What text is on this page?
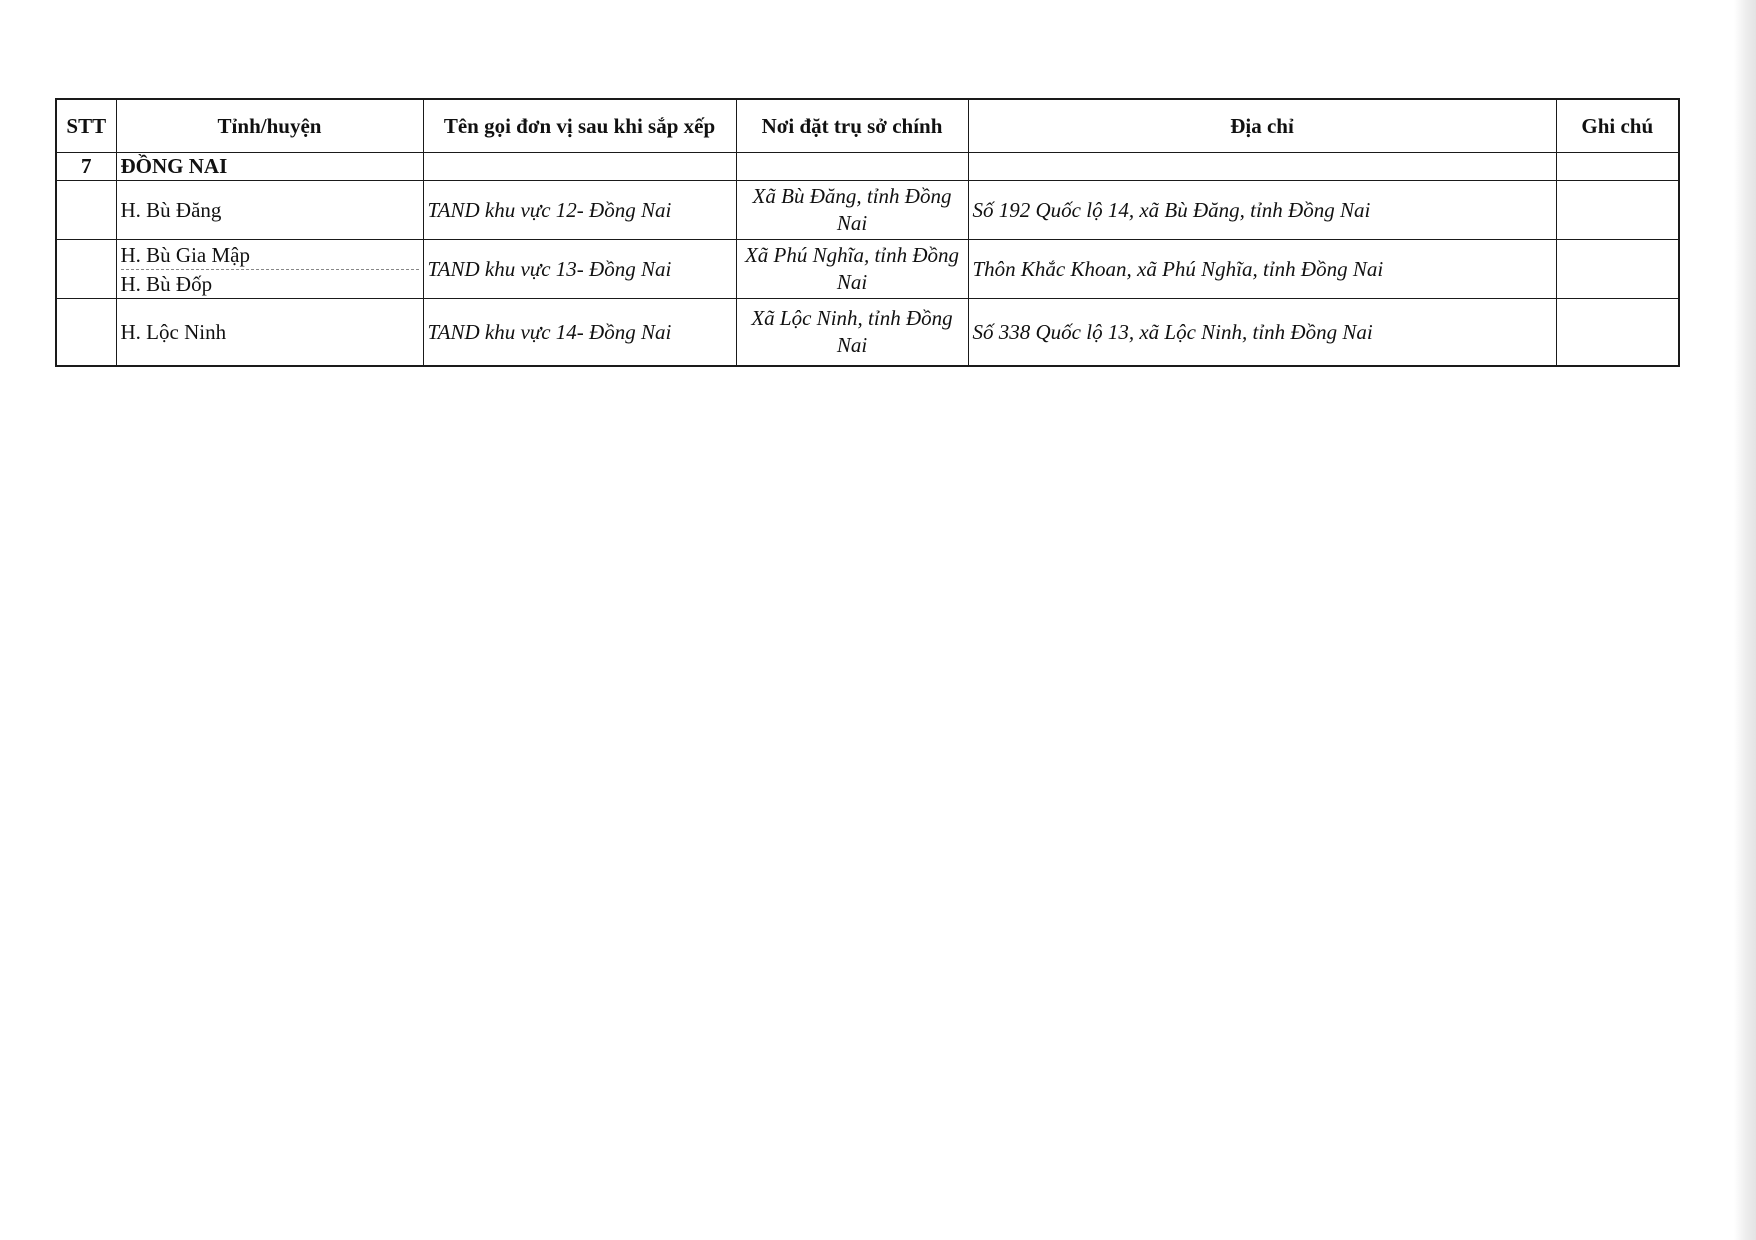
STT	Tỉnh/huyện	Tên gọi đơn vị sau khi sắp xếp	Nơi đặt trụ sở chính	Địa chỉ	Ghi chú
7	ĐỒNG NAI				

	H. Bù Đăng	TAND khu vực 12- Đồng Nai	Xã Bù Đăng, tỉnh Đồng Nai	Số 192 Quốc lộ 14, xã Bù Đăng, tỉnh Đồng Nai	

	H. Bù Gia Mập
H. Bù Đốp	TAND khu vực 13- Đồng Nai	Xã Phú Nghĩa, tỉnh Đồng Nai	Thôn Khắc Khoan, xã Phú Nghĩa, tỉnh Đồng Nai	

	H. Lộc Ninh	TAND khu vực 14- Đồng Nai	Xã Lộc Ninh, tỉnh Đồng Nai	Số 338 Quốc lộ 13, xã Lộc Ninh, tỉnh Đồng Nai	
